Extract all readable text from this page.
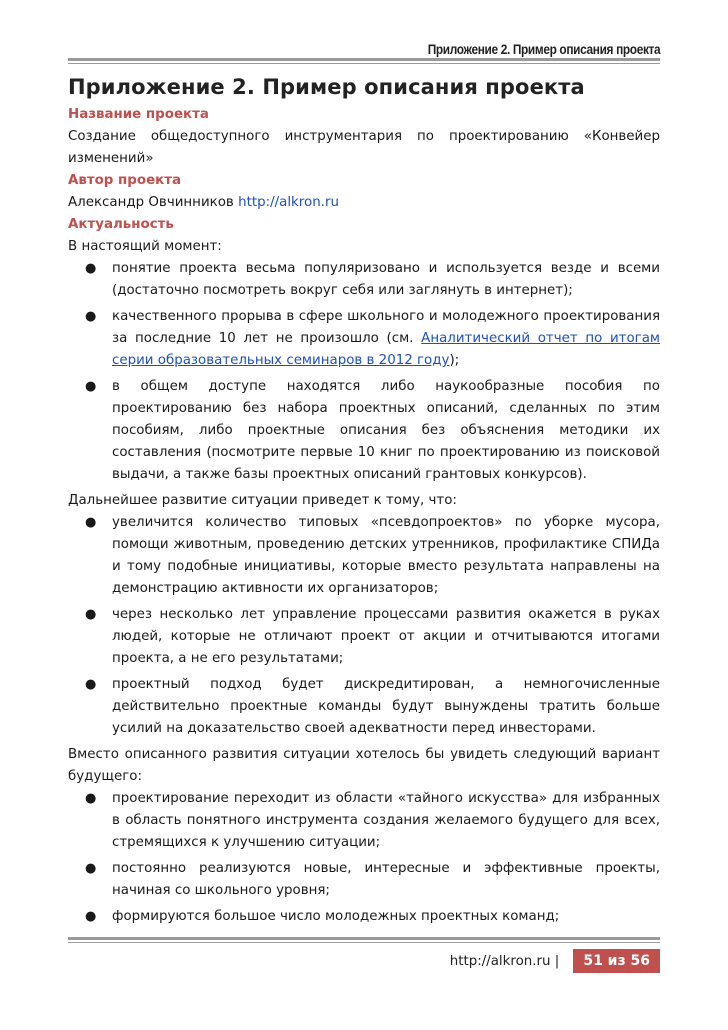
Приложение 2. Пример описания проекта
Приложение 2. Пример описания проекта
Название проекта

Создание общедоступного инструментария по проектированию «Конвейер изменений»

Автор проекта

Александр Овчинников http://alkron.ru

Актуальность

В настоящий момент:

● понятие проекта весьма популяризовано и используется везде и всеми (достаточно посмотреть вокруг себя или заглянуть в интернет);
● качественного прорыва в сфере школьного и молодежного проектирования за последние 10 лет не произошло (см. Аналитический отчет по итогам серии образовательных семинаров в 2012 году);
● в общем доступе находятся либо наукообразные пособия по проектированию без набора проектных описаний, сделанных по этим пособиям, либо проектные описания без объяснения методики их составления (посмотрите первые 10 книг по проектированию из поисковой выдачи, а также базы проектных описаний грантовых конкурсов).

Дальнейшее развитие ситуации приведет к тому, что:

● увеличится количество типовых «псевдопроектов» по уборке мусора, помощи животным, проведению детских утренников, профилактике СПИДа и тому подобные инициативы, которые вместо результата направлены на демонстрацию активности их организаторов;
● через несколько лет управление процессами развития окажется в руках людей, которые не отличают проект от акции и отчитываются итогами проекта, а не его результатами;
● проектный подход будет дискредитирован, а немногочисленные действительно проектные команды будут вынуждены тратить больше усилий на доказательство своей адекватности перед инвесторами.

Вместо описанного развития ситуации хотелось бы увидеть следующий вариант будущего:

● проектирование переходит из области «тайного искусства» для избранных в область понятного инструмента создания желаемого будущего для всех, стремящихся к улучшению ситуации;
● постоянно реализуются новые, интересные и эффективные проекты, начиная со школьного уровня;
● формируются большое число молодежных проектных команд;
http://alkron.ru |	51 из 56
